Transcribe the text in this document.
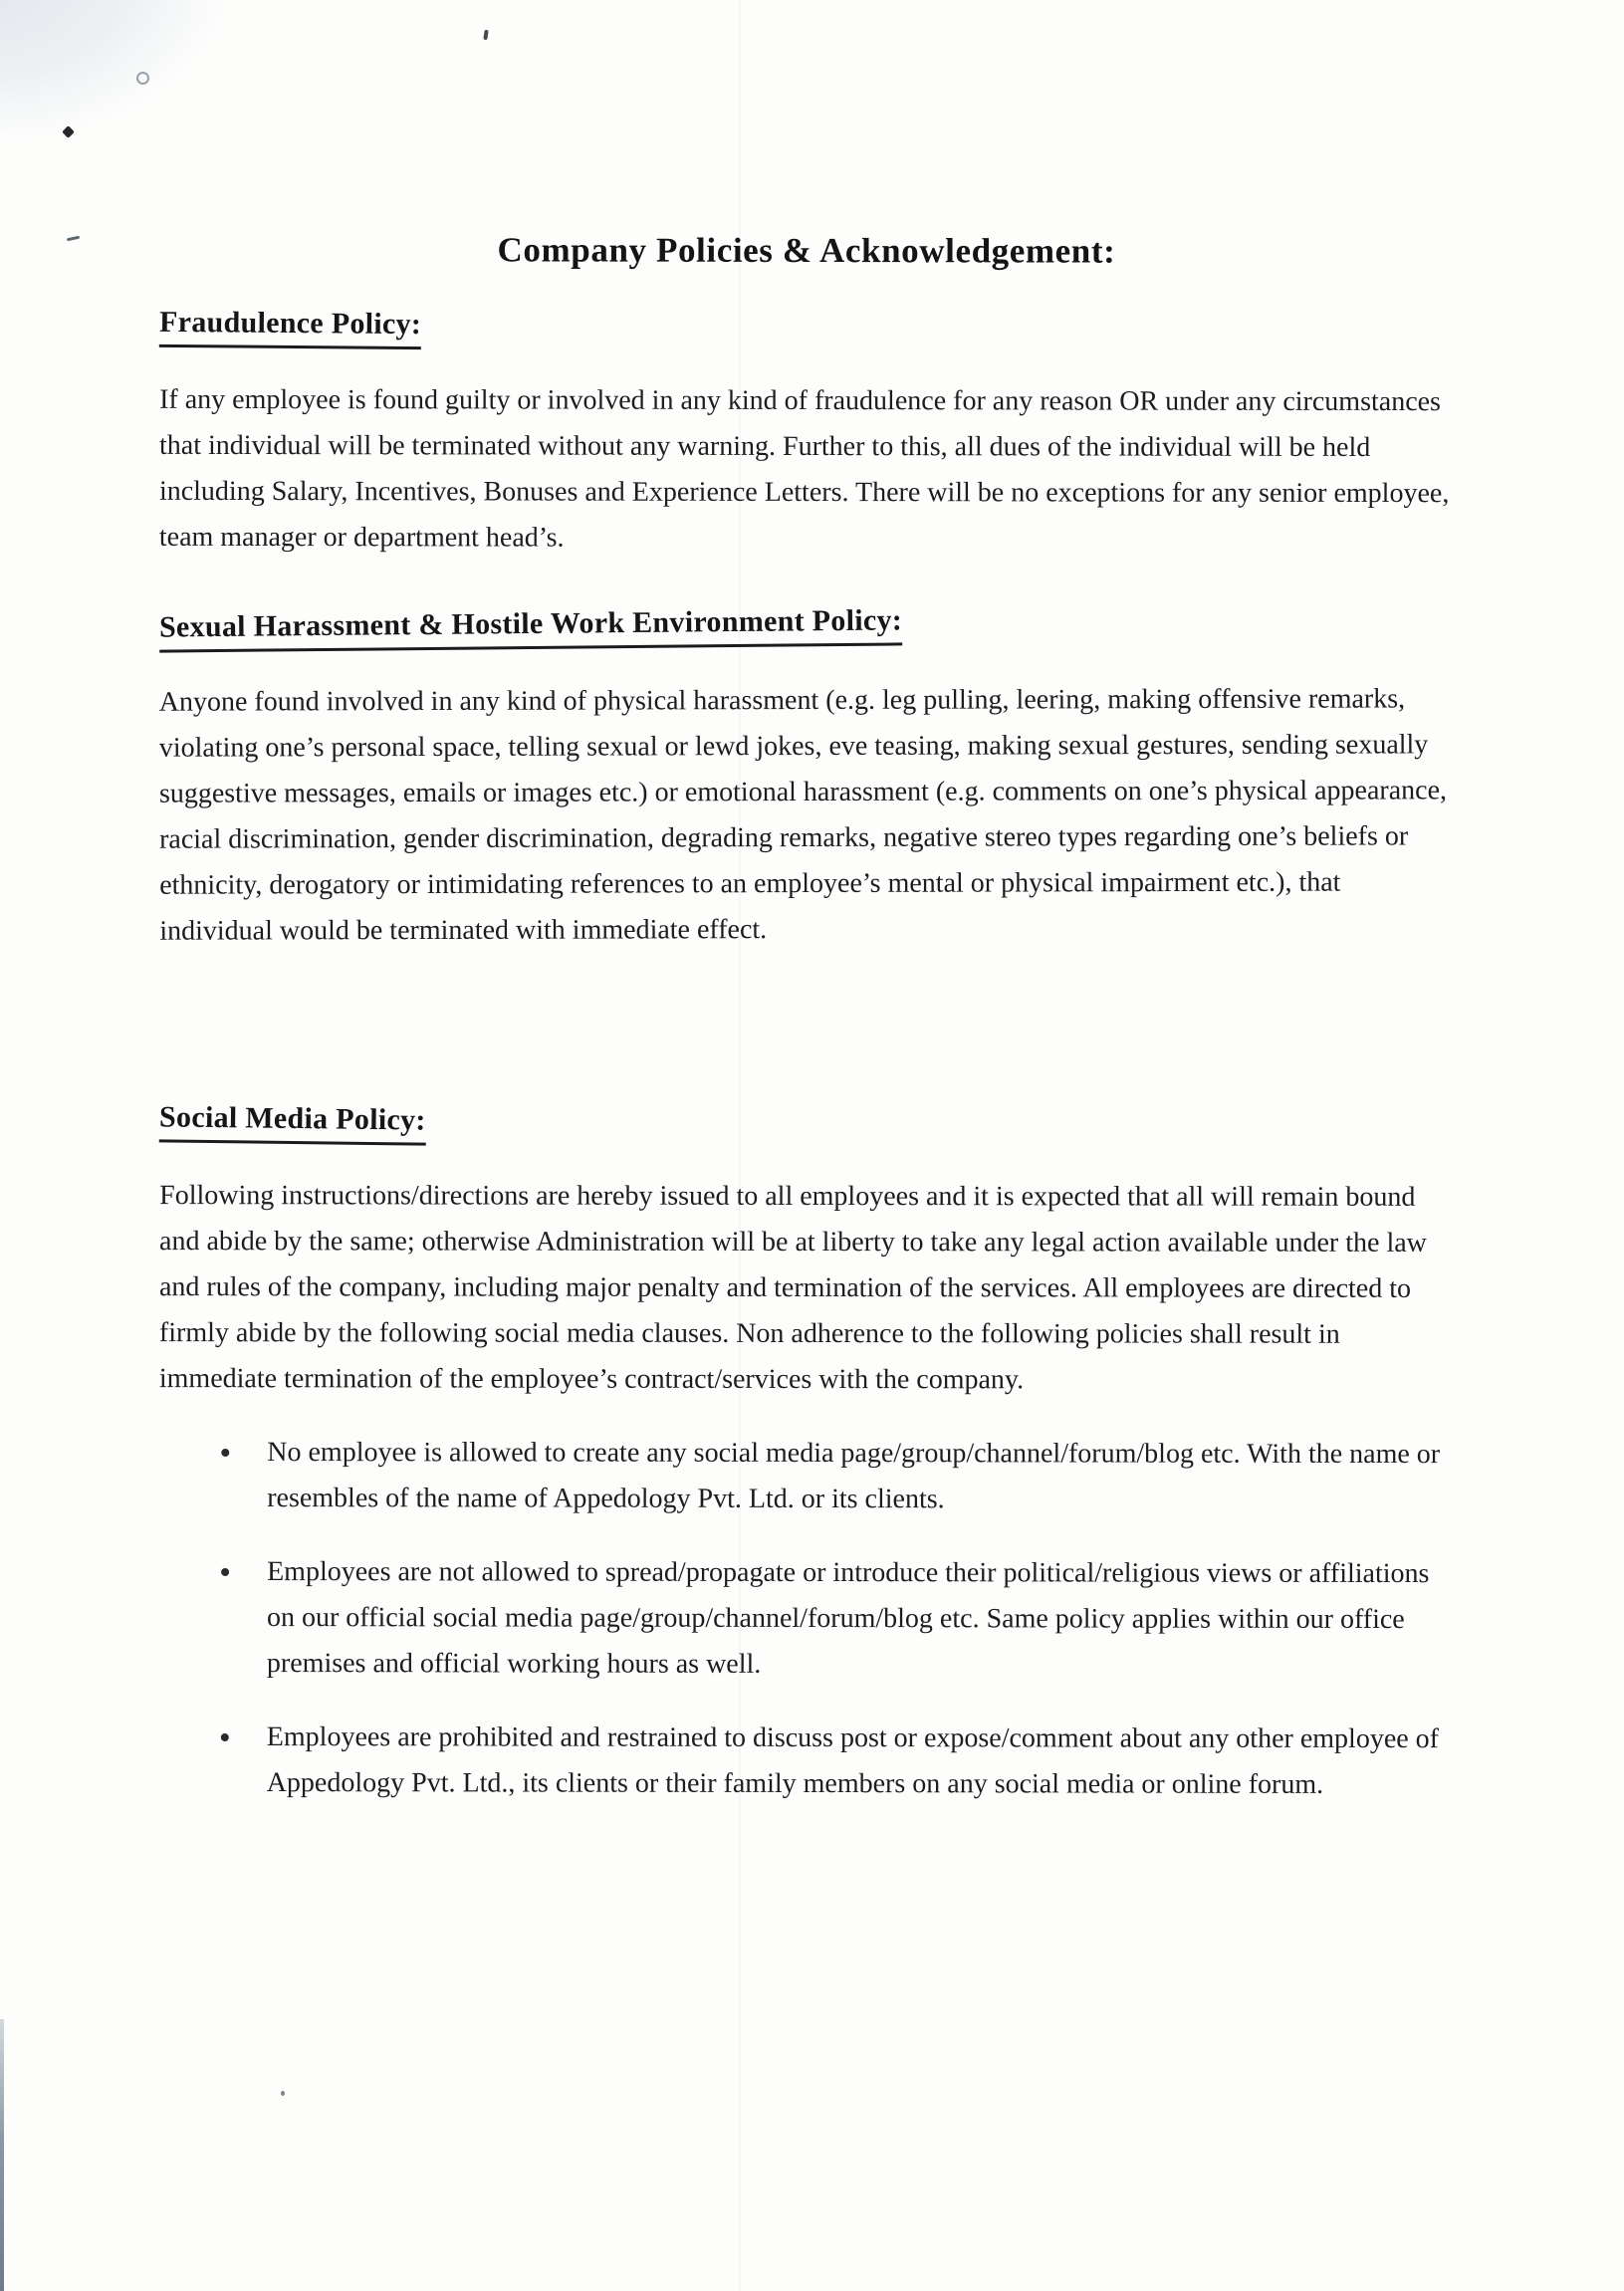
Company Policies & Acknowledgement:
Fraudulence Policy:

If any employee is found guilty or involved in any kind of fraudulence for any reason OR under any circumstances that individual will be terminated without any warning. Further to this, all dues of the individual will be held including Salary, Incentives, Bonuses and Experience Letters. There will be no exceptions for any senior employee, team manager or department head’s.

Sexual Harassment & Hostile Work Environment Policy:

Anyone found involved in any kind of physical harassment (e.g. leg pulling, leering, making offensive remarks, violating one’s personal space, telling sexual or lewd jokes, eve teasing, making sexual gestures, sending sexually suggestive messages, emails or images etc.) or emotional harassment (e.g. comments on one’s physical appearance, racial discrimination, gender discrimination, degrading remarks, negative stereo types regarding one’s beliefs or ethnicity, derogatory or intimidating references to an employee’s mental or physical impairment etc.), that individual would be terminated with immediate effect.

Social Media Policy:

Following instructions/directions are hereby issued to all employees and it is expected that all will remain bound and abide by the same; otherwise Administration will be at liberty to take any legal action available under the law and rules of the company, including major penalty and termination of the services. All employees are directed to firmly abide by the following social media clauses. Non adherence to the following policies shall result in immediate termination of the employee’s contract/services with the company.

No employee is allowed to create any social media page/group/channel/forum/blog etc. With the name or resembles of the name of Appedology Pvt. Ltd. or its clients.
Employees are not allowed to spread/propagate or introduce their political/religious views or affiliations on our official social media page/group/channel/forum/blog etc. Same policy applies within our office premises and official working hours as well.
Employees are prohibited and restrained to discuss post or expose/comment about any other employee of Appedology Pvt. Ltd., its clients or their family members on any social media or online forum.
